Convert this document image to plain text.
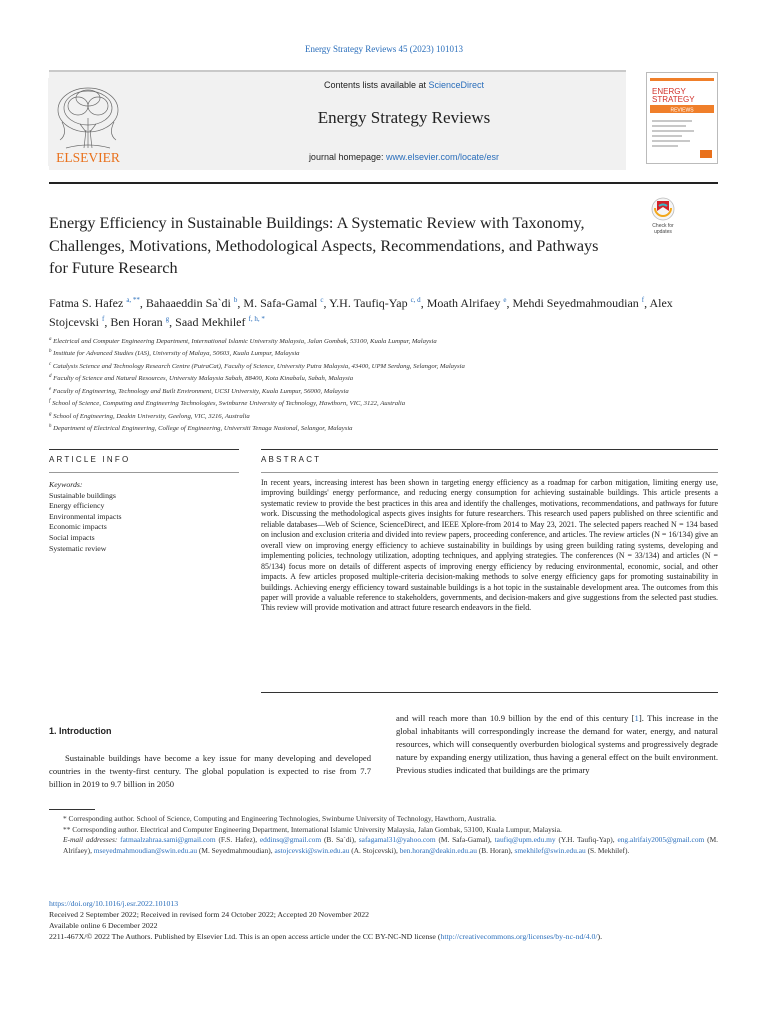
Energy Strategy Reviews 45 (2023) 101013
ELSEVIER
Contents lists available at ScienceDirect
Energy Strategy Reviews
journal homepage: www.elsevier.com/locate/esr
ENERGY
STRATEGY
REVIEWS
Energy Efficiency in Sustainable Buildings: A Systematic Review with Taxonomy, Challenges, Motivations, Methodological Aspects, Recommendations, and Pathways for Future Research
Check for
updates
Fatma S. Hafez $^{a, **}$, Bahaaeddin Sa`di $^b$, M. Safa-Gamal $^c$, Y.H. Taufiq-Yap $^{c, d}$, Moath Alrifaey $^e$, Mehdi Seyedmahmoudian $^f$, Alex Stojcevski $^f$, Ben Horan $^g$, Saad Mekhilef $^{f, h, *}$
$^a$ Electrical and Computer Engineering Department, International Islamic University Malaysia, Jalan Gombak, 53100, Kuala Lumpur, Malaysia
$^b$ Institute for Advanced Studies (IAS), University of Malaya, 50603, Kuala Lumpur, Malaysia
$^c$ Catalysis Science and Technology Research Centre (PutraCat), Faculty of Science, University Putra Malaysia, 43400, UPM Serdang, Selangor, Malaysia
$^d$ Faculty of Science and Natural Resources, University Malaysia Sabah, 88400, Kota Kinabalu, Sabah, Malaysia
$^e$ Faculty of Engineering, Technology and Built Environment, UCSI University, Kuala Lumpur, 56000, Malaysia
$^f$ School of Science, Computing and Engineering Technologies, Swinburne University of Technology, Hawthorn, VIC, 3122, Australia
$^g$ School of Engineering, Deakin University, Geelong, VIC, 3216, Australia
$^h$ Department of Electrical Engineering, College of Engineering, Universiti Tenaga Nasional, Selangor, Malaysia
ARTICLE INFO	ABSTRACT
Keywords:
Sustainable buildings
Energy efficiency
Environmental impacts
Economic impacts
Social impacts
Systematic review
In recent years, increasing interest has been shown in targeting energy efficiency as a roadmap for carbon mitigation, limiting energy use, improving buildings' energy performance, and reducing energy consumption for achieving sustainable buildings. This article presents a systematic review to provide the best practices in this area and identify the challenges, motivations, recommendations, and pathways for future work. Discussing the methodological aspects gives insights for future researchers. This research used papers published on three scientific and reliable databases—Web of Science, ScienceDirect, and IEEE Xplore-from 2014 to May 23, 2021. The selected papers reached N = 134 based on inclusion and exclusion criteria and divided into review papers, proceeding conference, and articles. The review articles (N = 16/134) give an overall view on improving energy efficiency to achieve sustainability in buildings by using green building rating systems, developing and implementing policies, technology utilization, adopting techniques, and applying strategies. The conferences (N = 33/134) and articles (N = 85/134) focus more on details of different aspects of improving energy efficiency by reducing environmental, economic, social, and other impacts. A few articles proposed multiple-criteria decision-making methods to solve energy efficiency gaps for promoting sustainability in buildings. Achieving energy efficiency toward sustainable buildings is a hot topic in the sustainable development area. The outcomes from this paper will provide a valuable reference to stakeholders, governments, and decision-makers and give suggestions from the selected past studies. This review will provide motivation and attract future research endeavors in the field.
1. Introduction
Sustainable buildings have become a key issue for many developing and developed countries in the twenty-first century. The global population is expected to rise from 7.7 billion in 2019 to 9.7 billion in 2050
and will reach more than 10.9 billion by the end of this century [1]. This increase in the global inhabitants will correspondingly increase the demand for water, energy, and natural resources, which will consequently overburden biological systems and progressively degrade nature by expanding energy utilization, thus having a general effect on the built environment. Previous studies indicated that buildings are the primary
* Corresponding author. School of Science, Computing and Engineering Technologies, Swinburne University of Technology, Hawthorn, Australia.
** Corresponding author. Electrical and Computer Engineering Department, International Islamic University Malaysia, Jalan Gombak, 53100, Kuala Lumpur, Malaysia.
E-mail addresses: fatmaalzahraa.sami@gmail.com (F.S. Hafez), eddinsq@gmail.com (B. Sa`di), safagamal31@yahoo.com (M. Safa-Gamal), taufiq@upm.edu.my (Y.H. Taufiq-Yap), eng.alrifaiy2005@gmail.com (M. Alrifaey), mseyedmahmoudian@swin.edu.au (M. Seyedmahmoudian), astojcevski@swin.edu.au (A. Stojcevski), ben.horan@deakin.edu.au (B. Horan), smekhilef@swin.edu.au (S. Mekhilef).
https://doi.org/10.1016/j.esr.2022.101013
Received 2 September 2022; Received in revised form 24 October 2022; Accepted 20 November 2022
Available online 6 December 2022
2211-467X/© 2022 The Authors. Published by Elsevier Ltd. This is an open access article under the CC BY-NC-ND license (http://creativecommons.org/licenses/by-nc-nd/4.0/).
